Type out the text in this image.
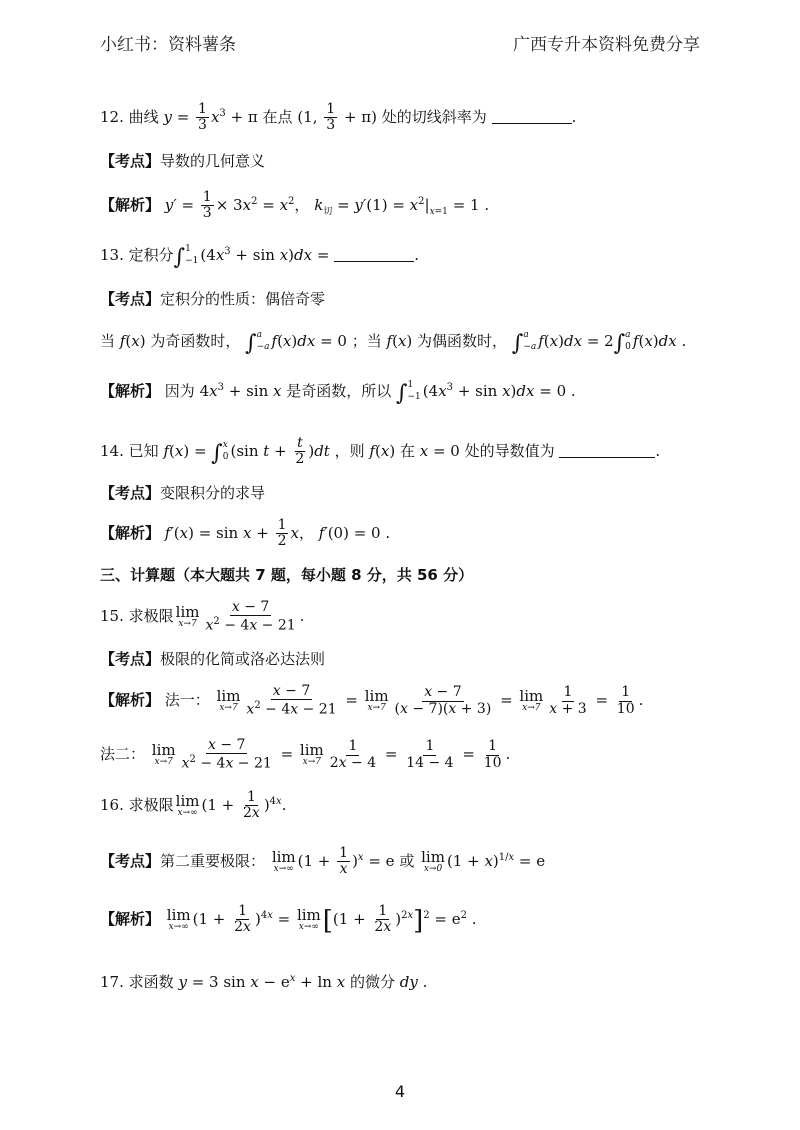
小红书：资料薯条	广西专升本资料免费分享
12. 曲线 $y = \frac{1}{3} x^3 + \pi$ 在点 (1, $\frac{1}{3} + \pi$) 处的切线斜率为	.
【考点】导数的几何意义
【解析】 $y' = \frac{1}{3} \times 3x^2 = x^2$， $k_切 = y'(1) = x^2|_{x=1} = 1$ .
13. 定积分∫ 1
−1 $(4x^3 + \sin x)dx$ =	.
【考点】定积分的性质：偶倍奇零
当 f(x) 为奇函数时， ∫ a
−a f(x)dx = 0 ；当 f(x) 为偶函数时， ∫ a
−a f(x)dx = 2∫ a
0 f(x)dx .
【解析】 因为 $4x^3 + \sin x$ 是奇函数，所以 ∫ 1
−1 $(4x^3 + \sin x)dx = 0$ .
14. 已知 f(x) = ∫ x
0 (sin $t + \frac{t}{2} )dt$ ，则 f(x) 在 x = 0 处的导数值为	.
【考点】变限积分的求导
【解析】 $f'(x) = \sin x + \frac{1}{2}$ x， f′(0) = 0 .
三、计算题（本大题共 7 题，每小题 8 分，共 56 分）
15. 求极限 lim
$x\to 7 \frac{x - 7}{x^2 - 4x - 21}$ .
【考点】极限的化简或洛必达法则
【解析】 法一： lim
$x\to 7 \frac{x - 7}{x^2 - 4x - 21} = \lim$
$x\to 7 \frac{x - 7}{(x - 7)(x + 3)} = \lim$
$x\to 7 \frac{1}{x + 3} = \frac{1}{10}$ .
法二： lim
$x\to 7 \frac{x - 7}{x^2 - 4x - 21} = \lim$
$x\to 7 \frac{1}{2x - 4} = \frac{1}{14 - 4} = \frac{1}{10}$ .
16. 求极限 lim
x→∞ $(1 + \frac{1}{2x} )^{4x}$.
【考点】第二重要极限： lim
x→∞ $(1 + \frac{1}{x} )^x = e$ 或 lim
x→0 $(1 + x)^{1/x} = e$
【解析】 lim
x→∞ $(1 + \frac{1}{2x} )^{4x} = \lim$
x→∞ $[(1 + \frac{1}{2x} )^{2x}]^2 = e^2$ .
17. 求函数 y = 3 $\sin x - e^x + \ln x$ 的微分 dy .
4
